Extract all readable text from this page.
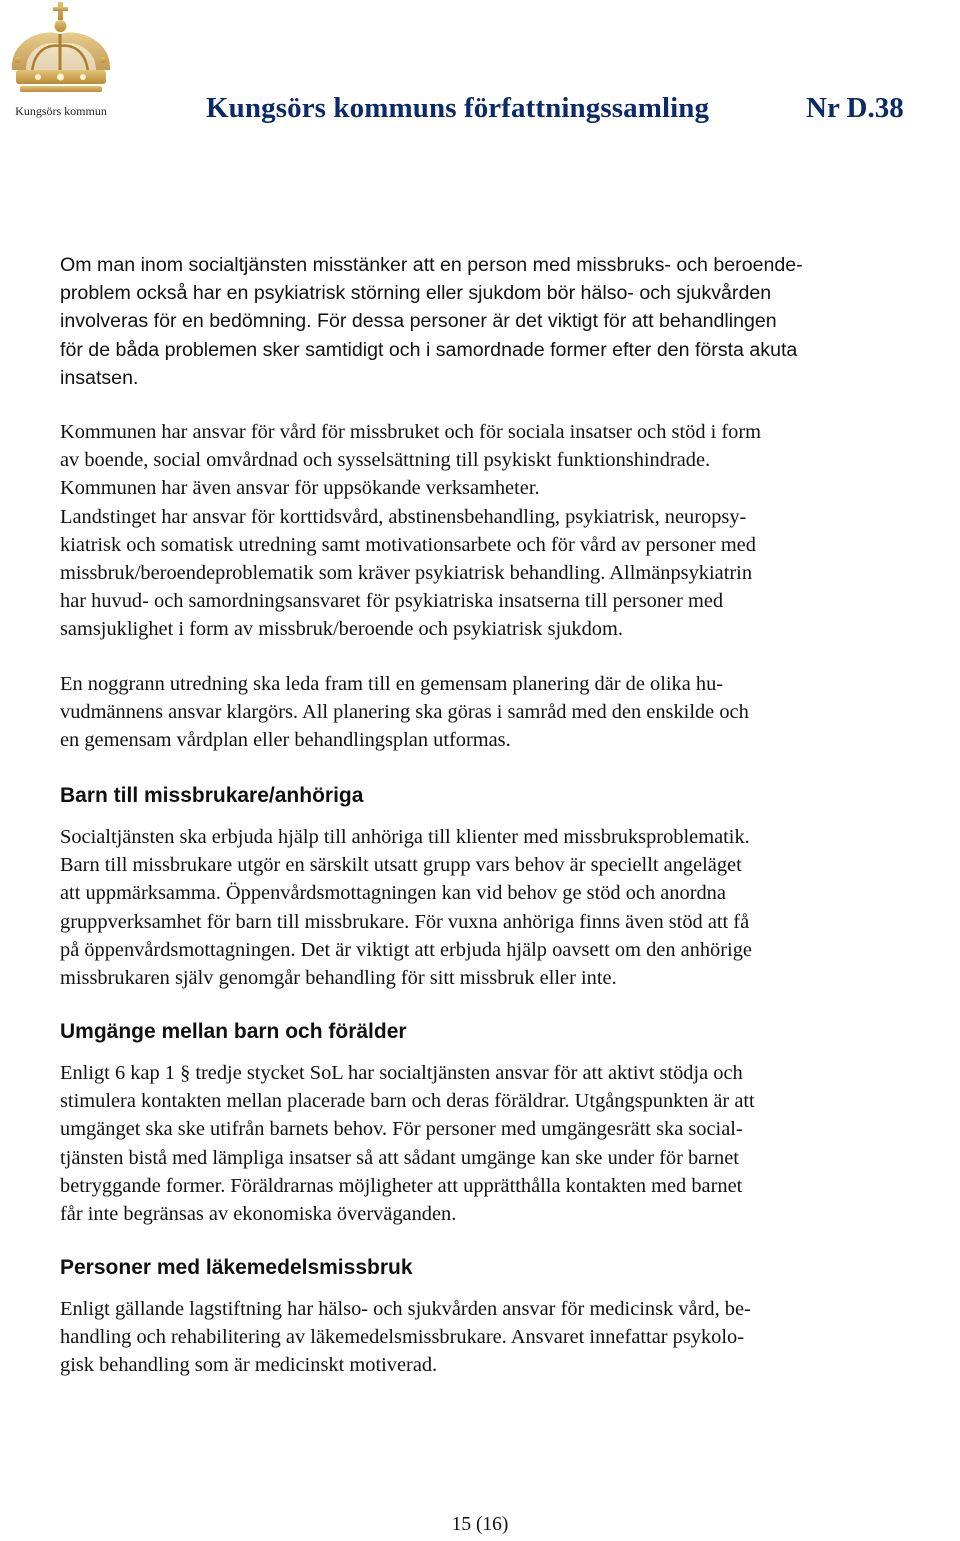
Kungsörs kommun	Kungsörs kommuns författningssamling	Nr D.38
Om man inom socialtjänsten misstänker att en person med missbruks- och beroende-
problem också har en psykiatrisk störning eller sjukdom bör hälso- och sjukvården
involveras för en bedömning. För dessa personer är det viktigt för att behandlingen
för de båda problemen sker samtidigt och i samordnade former efter den första akuta
insatsen.
Kommunen har ansvar för vård för missbruket och för sociala insatser och stöd i form
av boende, social omvårdnad och sysselsättning till psykiskt funktionshindrade.
Kommunen har även ansvar för uppsökande verksamheter.
Landstinget har ansvar för korttidsvård, abstinensbehandling, psykiatrisk, neuropsy-
kiatrisk och somatisk utredning samt motivationsarbete och för vård av personer med
missbruk/beroendeproblematik som kräver psykiatrisk behandling. Allmänpsykiatrin
har huvud- och samordningsansvaret för psykiatriska insatserna till personer med
samsjuklighet i form av missbruk/beroende och psykiatrisk sjukdom.
En noggrann utredning ska leda fram till en gemensam planering där de olika hu-
vudmännens ansvar klargörs. All planering ska göras i samråd med den enskilde och
en gemensam vårdplan eller behandlingsplan utformas.
Barn till missbrukare/anhöriga
Socialtjänsten ska erbjuda hjälp till anhöriga till klienter med missbruksproblematik.
Barn till missbrukare utgör en särskilt utsatt grupp vars behov är speciellt angeläget
att uppmärksamma. Öppenvårdsmottagningen kan vid behov ge stöd och anordna
gruppverksamhet för barn till missbrukare. För vuxna anhöriga finns även stöd att få
på öppenvårdsmottagningen. Det är viktigt att erbjuda hjälp oavsett om den anhörige
missbrukaren själv genomgår behandling för sitt missbruk eller inte.
Umgänge mellan barn och förälder
Enligt 6 kap 1 § tredje stycket SoL har socialtjänsten ansvar för att aktivt stödja och
stimulera kontakten mellan placerade barn och deras föräldrar. Utgångspunkten är att
umgänget ska ske utifrån barnets behov. För personer med umgängesrätt ska social-
tjänsten bistå med lämpliga insatser så att sådant umgänge kan ske under för barnet
betryggande former. Föräldrarnas möjligheter att upprätthålla kontakten med barnet
får inte begränsas av ekonomiska överväganden.
Personer med läkemedelsmissbruk
Enligt gällande lagstiftning har hälso- och sjukvården ansvar för medicinsk vård, be-
handling och rehabilitering av läkemedelsmissbrukare. Ansvaret innefattar psykolo-
gisk behandling som är medicinskt motiverad.
15 (16)
